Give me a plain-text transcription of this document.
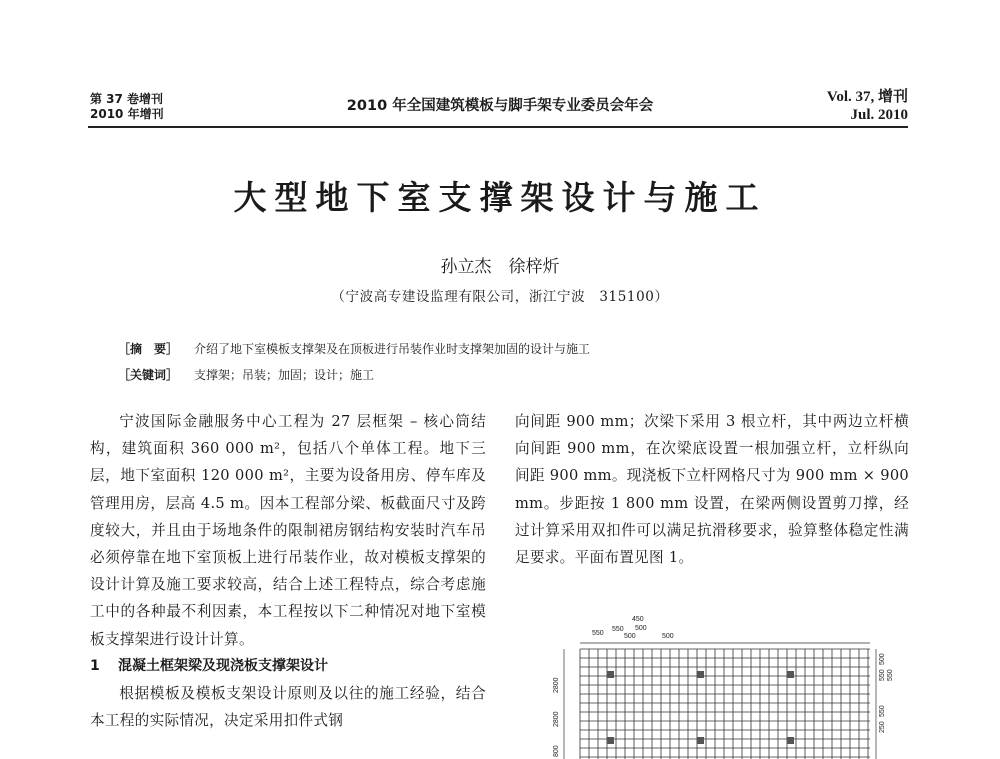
第 37 卷增刊
2010 年增刊	2010 年全国建筑模板与脚手架专业委员会年会
Vol. 37, 增刊
Jul. 2010
大型地下室支撑架设计与施工
孙立杰　徐梓炘
（宁波高专建设监理有限公司，浙江宁波　315100）
［摘　要］ 介绍了地下室模板支撑架及在顶板进行吊装作业时支撑架加固的设计与施工
［关键词］ 支撑架；吊装；加固；设计；施工

宁波国际金融服务中心工程为 27 层框架 – 核心筒结构，建筑面积 360 000 m²，包括八个单体工程。地下三层，地下室面积 120 000 m²，主要为设备用房、停车库及管理用房，层高 4.5 m。因本工程部分梁、板截面尺寸及跨度较大，并且由于场地条件的限制裙房钢结构安装时汽车吊必须停靠在地下室顶板上进行吊装作业，故对模板支撑架的设计计算及施工要求较高，结合上述工程特点，综合考虑施工中的各种最不利因素，本工程按以下二种情况对地下室模板支撑架进行设计计算。

1 混凝土框架梁及现浇板支撑架设计

根据模板及模板支架设计原则及以往的施工经验，结合本工程的实际情况，决定采用扣件式钢

向间距 900 mm；次梁下采用 3 根立杆，其中两边立杆横向间距 900 mm，在次梁底设置一根加强立杆，立杆纵向间距 900 mm。现浇板下立杆网格尺寸为 900 mm × 900 mm。步距按 1 800 mm 设置，在梁两侧设置剪刀撑，经过计算采用双扣件可以满足抗滑移要求，验算整体稳定性满足要求。平面布置见图 1。

450
550
550 500
500	500
2800
2800
800
550
500
550
550
250
